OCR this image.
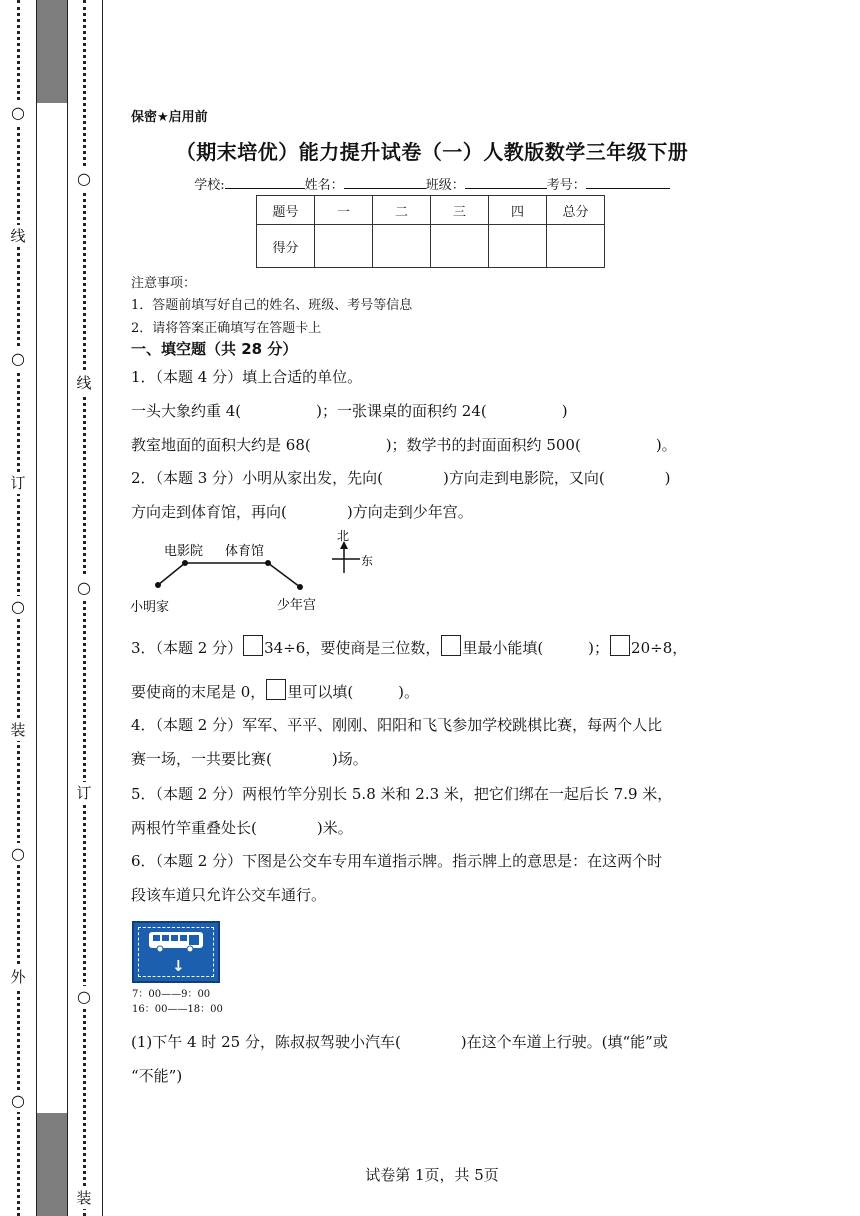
○
线
○
订
○
装
○
外
○
○
线
○
订
○
装
保密★启用前
（期末培优）能力提升试卷（一）人教版数学三年级下册
学校:	姓名：	班级：	考号：
题号	一	二	三	四	总分
得分					
注意事项：
1．答题前填写好自己的姓名、班级、考号等信息
2．请将答案正确填写在答题卡上
一、填空题（共 28 分）
1．（本题 4 分）填上合适的单位。
一头大象约重 4(　　　　　)；一张课桌的面积约 24(　　　　　)
教室地面的面积大约是 68(　　　　　)；数学书的封面面积约 500(　　　　　)。
2．（本题 3 分）小明从家出发，先向(　　　　)方向走到电影院，又向(　　　　)
方向走到体育馆，再向(　　　　)方向走到少年宫。
电影院 体育馆
小明家	少年宫
北
东
3．（本题 2 分） 34÷6，要使商是三位数， 里最小能填(　　　)； 20÷8，
要使商的末尾是 0， 里可以填(　　　)。
4．（本题 2 分）军军、平平、刚刚、阳阳和飞飞参加学校跳棋比赛，每两个人比
赛一场，一共要比赛(　　　　)场。
5．（本题 2 分）两根竹竿分别长 5.8 米和 2.3 米，把它们绑在一起后长 7.9 米，
两根竹竿重叠处长(　　　　)米。
6．（本题 2 分）下图是公交车专用车道指示牌。指示牌上的意思是：在这两个时
段该车道只允许公交车通行。
↓
7：00——9：00
16：00——18：00
(1)下午 4 时 25 分，陈叔叔驾驶小汽车(　　　　)在这个车道上行驶。(填“能”或
“不能”)
试卷第 1页，共 5页
